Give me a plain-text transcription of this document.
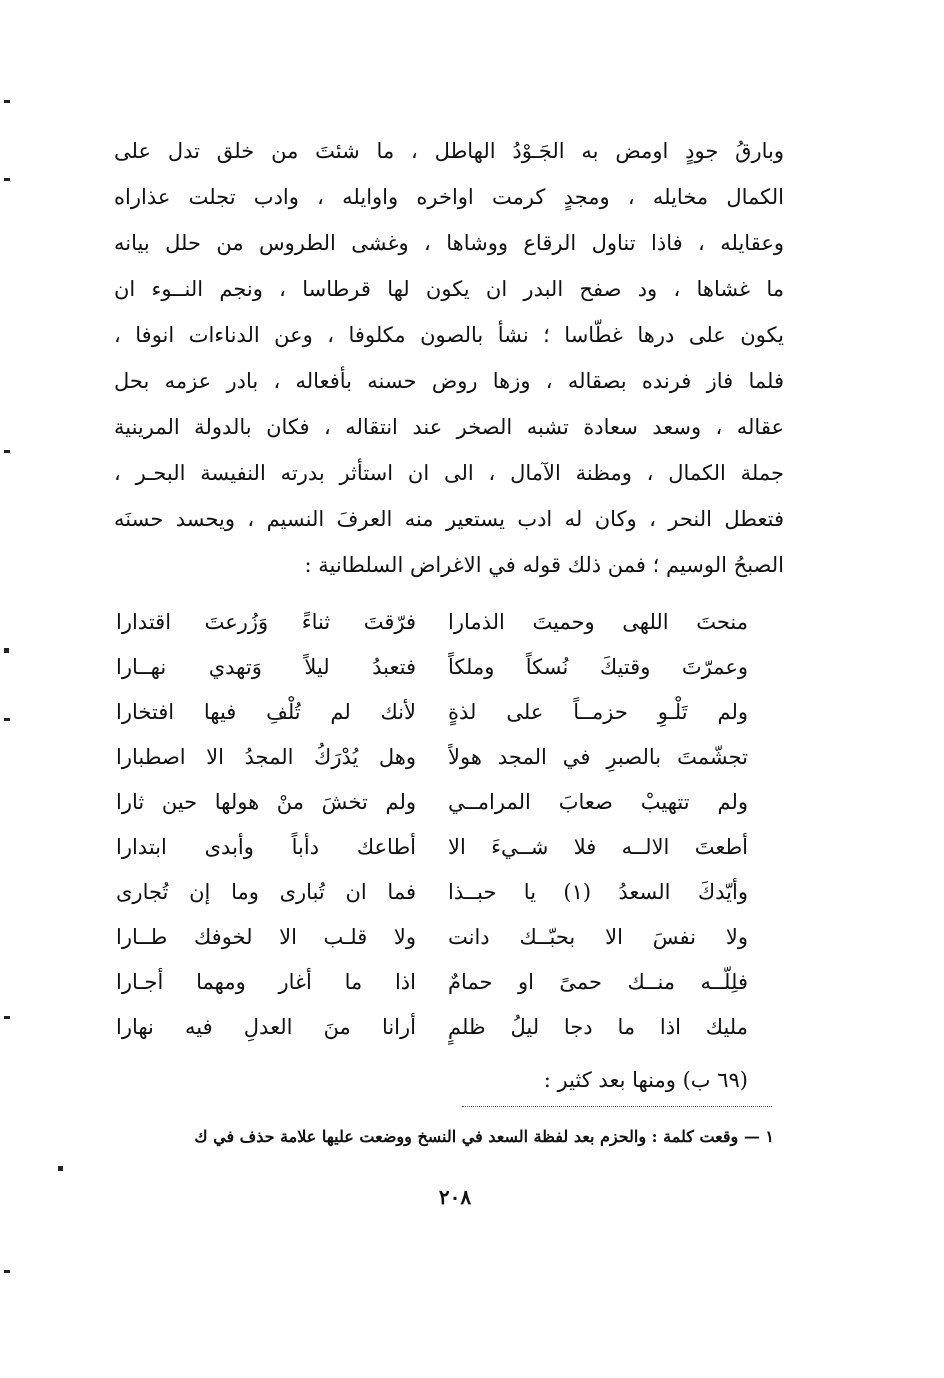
وبارقُ جودٍ اومض به الجَـوْدُ الهاطل ، ما شئتَ من خلق تدل على
الكمال مخايله ، ومجدٍ كرمت اواخره واوايله ، وادب تجلت عذاراه
وعقايله ، فاذا تناول الرقاع ووشاها ، وغشى الطروس من حلل بيانه
ما غشاها ، ود صفح البدر ان يكون لها قرطاسا ، ونجم النــوء ان
يكون على درها غطّاسا ؛ نشأ بالصون مكلوفا ، وعن الدناءات انوفا ،
فلما فاز فرنده بصقاله ، وزها روض حسنه بأفعاله ، بادر عزمه بحل
عقاله ، وسعد سعادة تشبه الصخر عند انتقاله ، فكان بالدولة المرينية
جملة الكمال ، ومظنة الآمال ، الى ان استأثر بدرته النفيسة البحـر ،
فتعطل النحر ، وكان له ادب يستعير منه العرفَ النسيم ، ويحسد حسنَه
الصبحُ الوسيم ؛ فمن ذلك قوله في الاغراض السلطانية :
منحتَ اللهى وحميتَ الذمارا
َفرّقتَ ثناءً وَزُرعتَ اقتدارا
وعمرّتَ وقتيكَ نُسكاً وملكاً
فتعبدُ ليلاً وَتهدي نهــارا
ولم تَلْـوِ حزمــاً على لذةٍ
لأنك لم تُلْفِ فيها افتخارا
تجشّمتَ بالصبرِ في المجد هولاً
وهل يُدْرَكُ المجدُ الا اصطبارا
ولم تتهيبْ صعابَ المرامــي
ولم تخشَ منْ هولها حين ثارا
أطعتَ الالــه فلا شــيءَ الا
أطاعك دأباً وأبدى ابتدارا
وأيّدكَ السعدُ (١) يا حبــذا
فما ان تُبارى وما إن تُجارى
ولا نفسَ الا بحبّــك دانت
ولا قلـب الا لخوفك طــارا
فلِلّــه منــك حمىً او حمامٌ
اذا ما أغار ومهما أجـارا
مليك اذا ما دجا ليلُ ظلمٍ
أرانا منَ العدلِ فيه نهارا
(٦٩ ب) ومنها بعد كثير :
١ — وقعت كلمة : والحزم بعد لفظة السعد في النسخ ووضعت عليها علامة حذف في ك
٢٠٨
